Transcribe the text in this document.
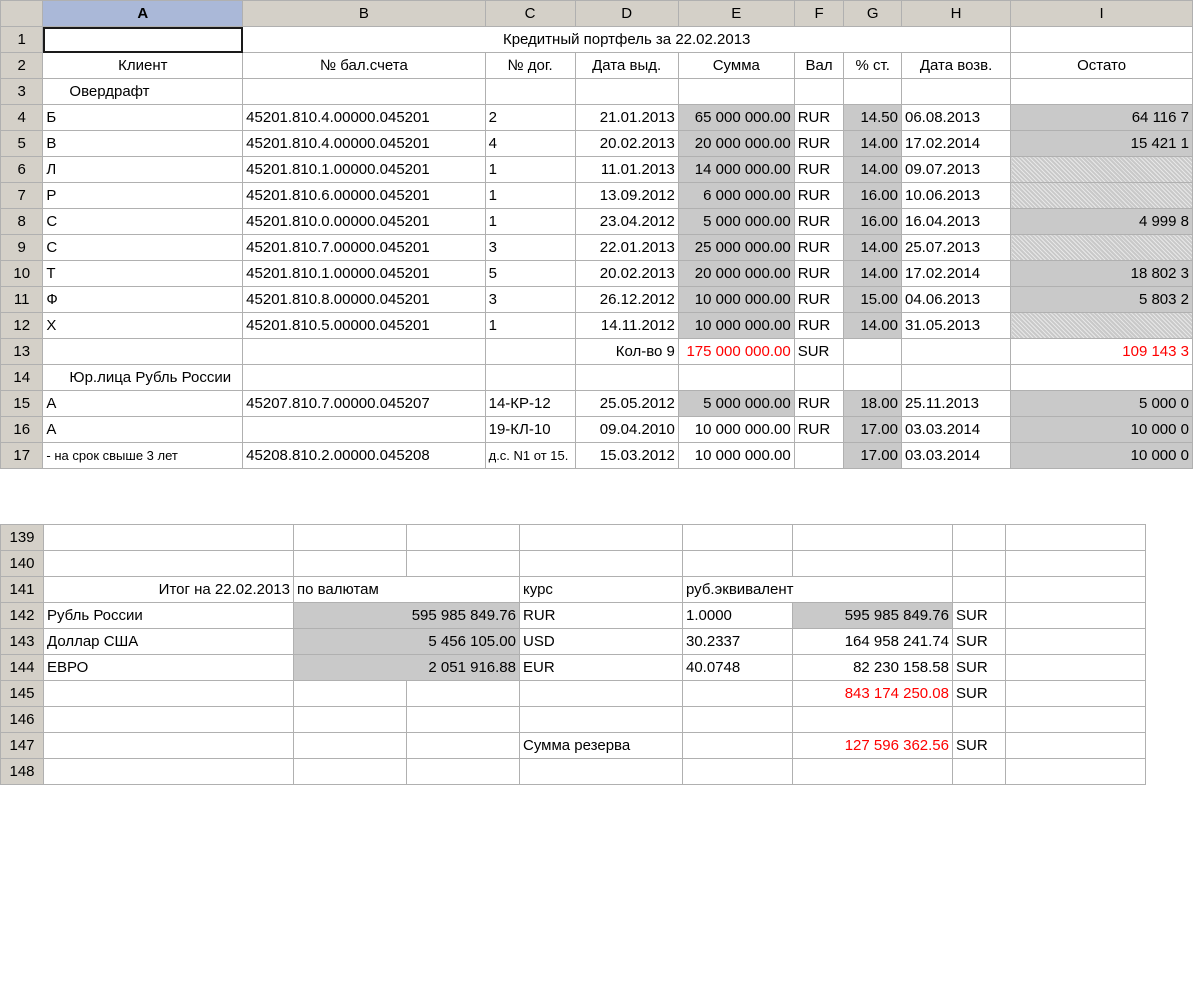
	A	B	C	D	E	F	G	H	I
1		Кредитный портфель за 22.02.2013							
2	Клиент	№ бал.счета	№ дог.	Дата выд.	Сумма	Вал	% ст.	Дата возв.	Остато
3	Овердрафт								
4	Б	45201.810.4.00000.045201	2	21.01.2013	65 000 000.00	RUR	14.50	06.08.2013	64 116 7
5	В	45201.810.4.00000.045201	4	20.02.2013	20 000 000.00	RUR	14.00	17.02.2014	15 421 1
6	Л	45201.810.1.00000.045201	1	11.01.2013	14 000 000.00	RUR	14.00	09.07.2013	
7	Р	45201.810.6.00000.045201	1	13.09.2012	6 000 000.00	RUR	16.00	10.06.2013	
8	С	45201.810.0.00000.045201	1	23.04.2012	5 000 000.00	RUR	16.00	16.04.2013	4 999 8
9	С	45201.810.7.00000.045201	3	22.01.2013	25 000 000.00	RUR	14.00	25.07.2013	
10	Т	45201.810.1.00000.045201	5	20.02.2013	20 000 000.00	RUR	14.00	17.02.2014	18 802 3
11	Ф	45201.810.8.00000.045201	3	26.12.2012	10 000 000.00	RUR	15.00	04.06.2013	5 803 2
12	Х	45201.810.5.00000.045201	1	14.11.2012	10 000 000.00	RUR	14.00	31.05.2013	
13				Кол-во 9	175 000 000.00	SUR			109 143 3
14	Юр.лица Рубль России								
15	А	45207.810.7.00000.045207	14-КР-12	25.05.2012	5 000 000.00	RUR	18.00	25.11.2013	5 000 0
16	А		19-КЛ-10	09.04.2010	10 000 000.00	RUR	17.00	03.03.2014	10 000 0
17	- на срок свыше 3 лет	45208.810.2.00000.045208	д.с. N1 от 15.	15.03.2012	10 000 000.00		17.00	03.03.2014	10 000 0
139								
140								
141	Итог на 22.02.2013	по валютам		курс	руб.эквивалент			
142	Рубль России	595 985 849.76		RUR	1.0000	595 985 849.76	SUR	
143	Доллар США	5 456 105.00		USD	30.2337	164 958 241.74	SUR	
144	ЕВРО	2 051 916.88		EUR	40.0748	82 230 158.58	SUR	
145						843 174 250.08	SUR	
146								
147				Сумма резерва		127 596 362.56	SUR	
148								
